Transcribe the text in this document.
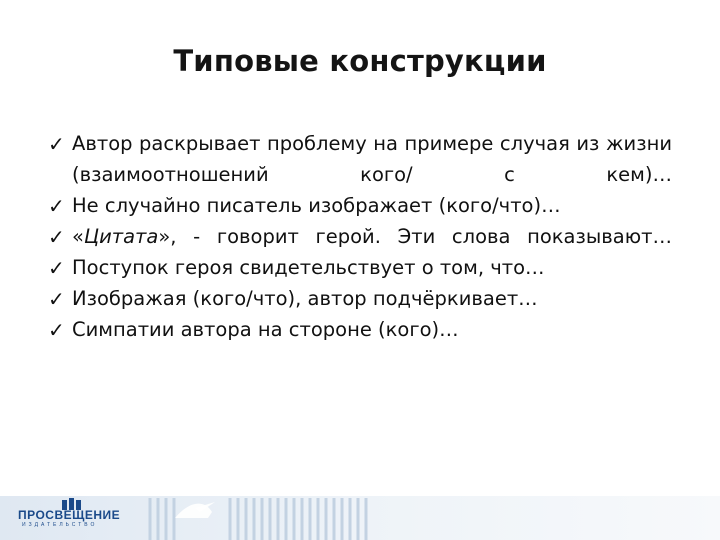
Типовые конструкции
✓ Автор раскрывает проблему на примере случая из жизни (взаимоотношений кого/ с кем)…
✓ Не случайно писатель изображает (кого/что)…
✓ «Цитата», - говорит герой. Эти слова показывают…
✓ Поступок героя свидетельствует о том, что…
✓ Изображая (кого/что), автор подчёркивает…
✓ Симпатии автора на стороне (кого)…
ПРОСВЕЩЕНИЕ
ИЗДАТЕЛЬСТВО
